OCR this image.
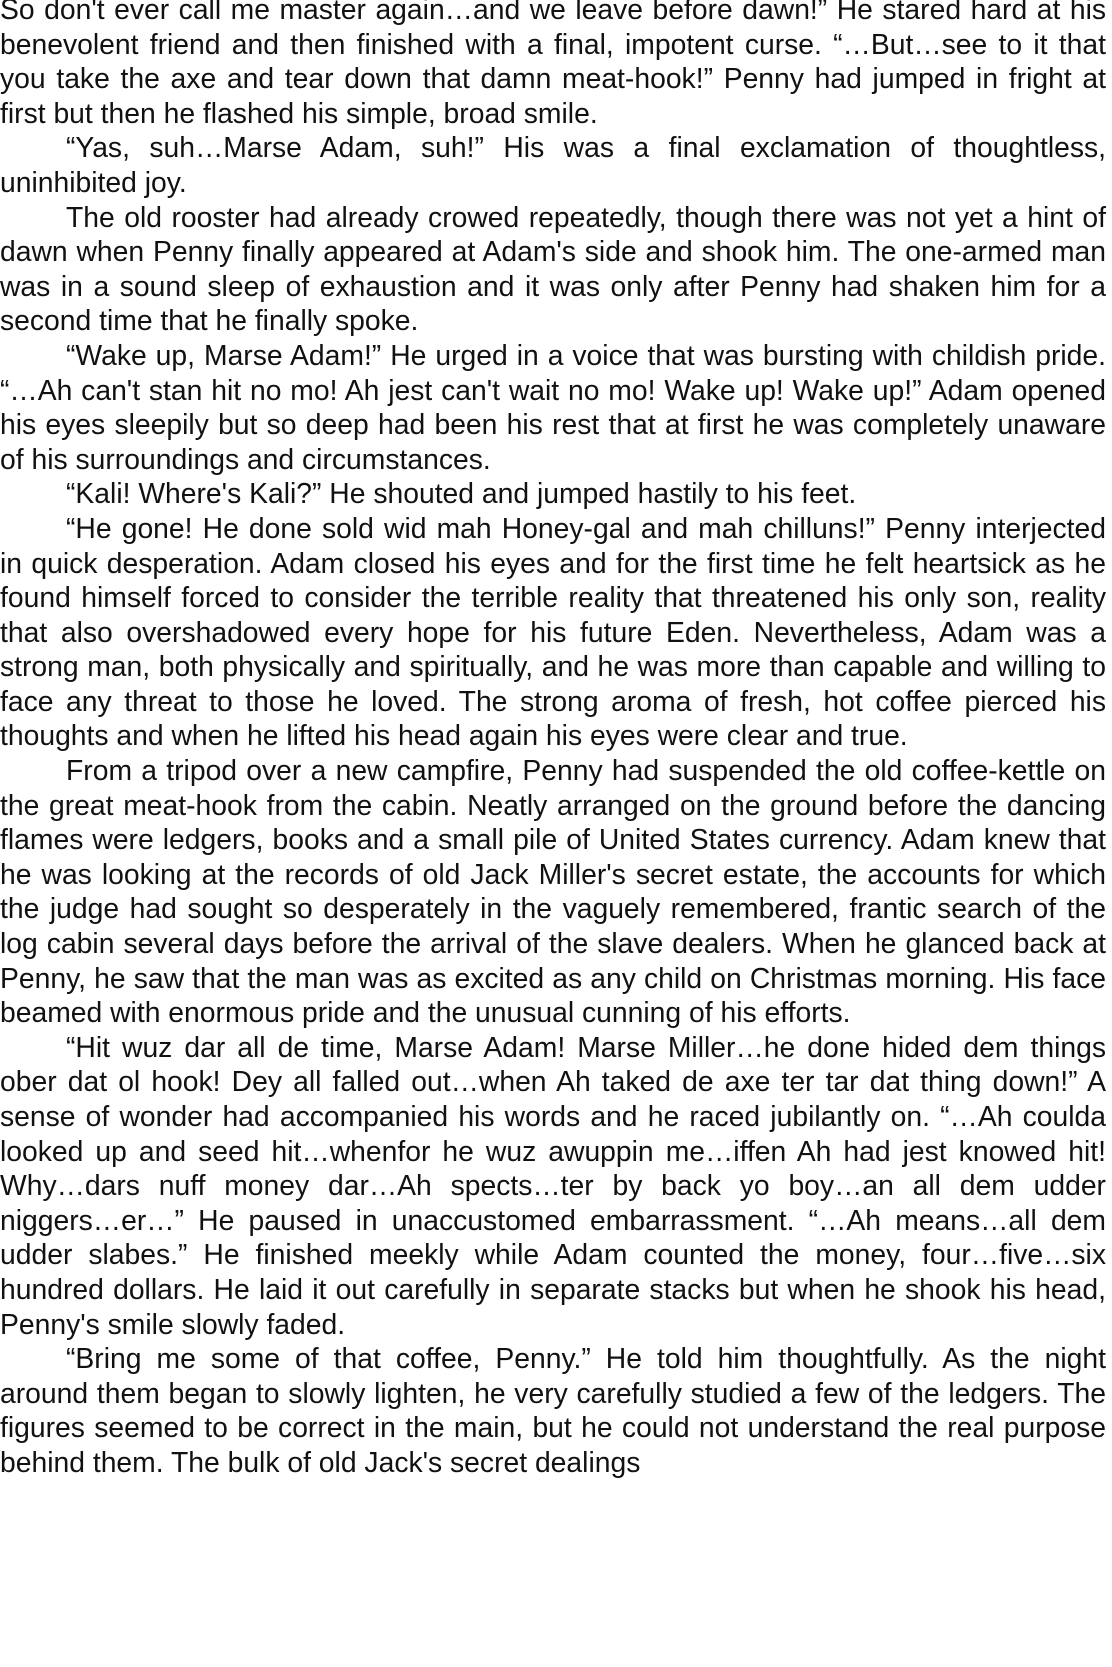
So don't ever call me master again…and we leave before dawn!” He stared hard at his benevolent friend and then finished with a final, impotent curse. “…But…see to it that you take the axe and tear down that damn meat-hook!” Penny had jumped in fright at first but then he flashed his simple, broad smile.

“Yas, suh…Marse Adam, suh!” His was a final exclamation of thoughtless, uninhibited joy.

The old rooster had already crowed repeatedly, though there was not yet a hint of dawn when Penny finally appeared at Adam's side and shook him. The one-armed man was in a sound sleep of exhaustion and it was only after Penny had shaken him for a second time that he finally spoke.

“Wake up, Marse Adam!” He urged in a voice that was bursting with childish pride. “…Ah can't stan hit no mo! Ah jest can't wait no mo! Wake up! Wake up!” Adam opened his eyes sleepily but so deep had been his rest that at first he was completely unaware of his surroundings and circumstances.

“Kali! Where's Kali?” He shouted and jumped hastily to his feet.

“He gone! He done sold wid mah Honey-gal and mah chilluns!” Penny interjected in quick desperation. Adam closed his eyes and for the first time he felt heartsick as he found himself forced to consider the terrible reality that threatened his only son, reality that also overshadowed every hope for his future Eden. Nevertheless, Adam was a strong man, both physically and spiritually, and he was more than capable and willing to face any threat to those he loved. The strong aroma of fresh, hot coffee pierced his thoughts and when he lifted his head again his eyes were clear and true.

From a tripod over a new campfire, Penny had suspended the old coffee-kettle on the great meat-hook from the cabin. Neatly arranged on the ground before the dancing flames were ledgers, books and a small pile of United States currency. Adam knew that he was looking at the records of old Jack Miller's secret estate, the accounts for which the judge had sought so desperately in the vaguely remembered, frantic search of the log cabin several days before the arrival of the slave dealers. When he glanced back at Penny, he saw that the man was as excited as any child on Christmas morning. His face beamed with enormous pride and the unusual cunning of his efforts.

“Hit wuz dar all de time, Marse Adam! Marse Miller…he done hided dem things ober dat ol hook! Dey all falled out…when Ah taked de axe ter tar dat thing down!” A sense of wonder had accompanied his words and he raced jubilantly on. “…Ah coulda looked up and seed hit…whenfor he wuz awuppin me…iffen Ah had jest knowed hit! Why…dars nuff money dar…Ah spects…ter by back yo boy…an all dem udder niggers…er…” He paused in unaccustomed embarrassment. “…Ah means…all dem udder slabes.” He finished meekly while Adam counted the money, four…five…six hundred dollars. He laid it out carefully in separate stacks but when he shook his head, Penny's smile slowly faded.

“Bring me some of that coffee, Penny.” He told him thoughtfully. As the night around them began to slowly lighten, he very carefully studied a few of the ledgers. The figures seemed to be correct in the main, but he could not understand the real purpose behind them. The bulk of old Jack's secret dealings
